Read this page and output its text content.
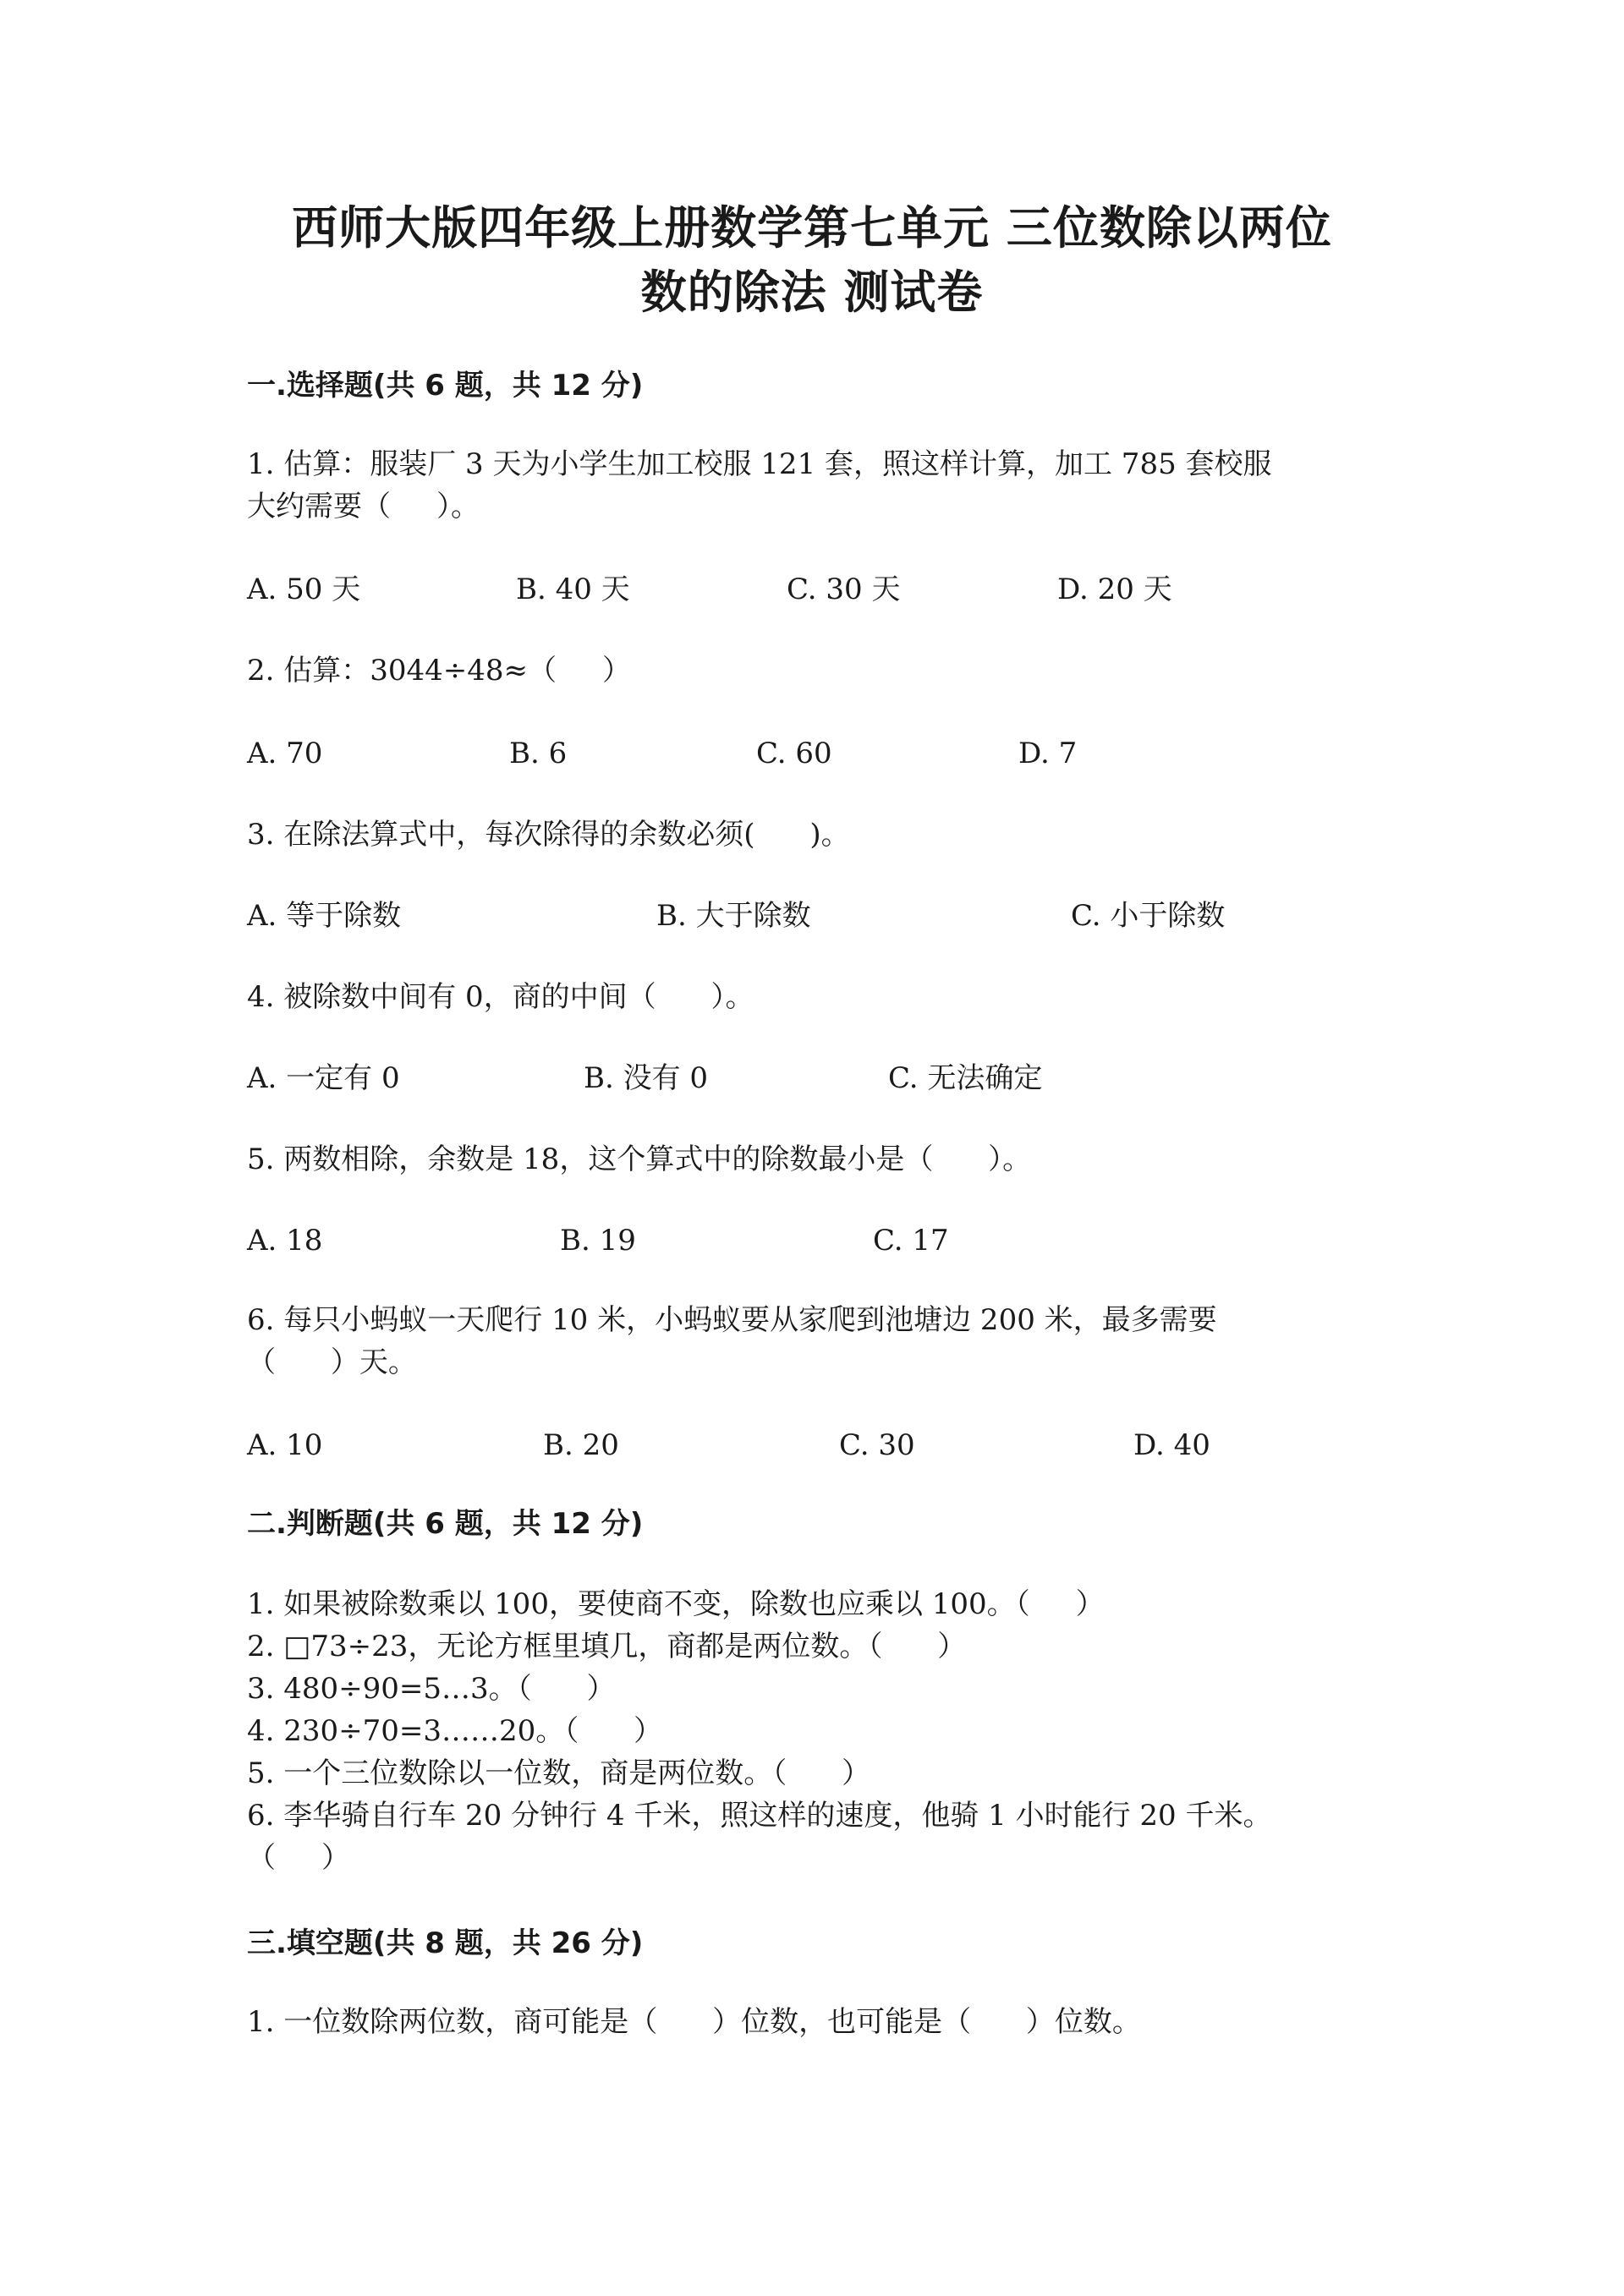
西师大版四年级上册数学第七单元 三位数除以两位
数的除法 测试卷
一.选择题(共 6 题，共 12 分)
1. 估算：服装厂 3 天为小学生加工校服 121 套，照这样计算，加工 785 套校服
大约需要（     ）。
A. 50 天	B. 40 天	C. 30 天	D. 20 天
2. 估算：3044÷48≈（     ）
A. 70	B. 6	C. 60	D. 7
3. 在除法算式中，每次除得的余数必须(      )。
A. 等于除数	B. 大于除数	C. 小于除数
4. 被除数中间有 0，商的中间（      ）。
A. 一定有 0	B. 没有 0	C. 无法确定
5. 两数相除，余数是 18，这个算式中的除数最小是（      ）。
A. 18	B. 19	C. 17
6. 每只小蚂蚁一天爬行 10 米，小蚂蚁要从家爬到池塘边 200 米，最多需要
（      ）天。
A. 10	B. 20	C. 30	D. 40
二.判断题(共 6 题，共 12 分)
1. 如果被除数乘以 100，要使商不变，除数也应乘以 100。（     ）
2. □73÷23，无论方框里填几，商都是两位数。（      ）
3. 480÷90=5…3。（      ）
4. 230÷70=3……20。（      ）
5. 一个三位数除以一位数，商是两位数。（      ）
6. 李华骑自行车 20 分钟行 4 千米，照这样的速度，他骑 1 小时能行 20 千米。
（     ）
三.填空题(共 8 题，共 26 分)
1. 一位数除两位数，商可能是（      ）位数，也可能是（      ）位数。
